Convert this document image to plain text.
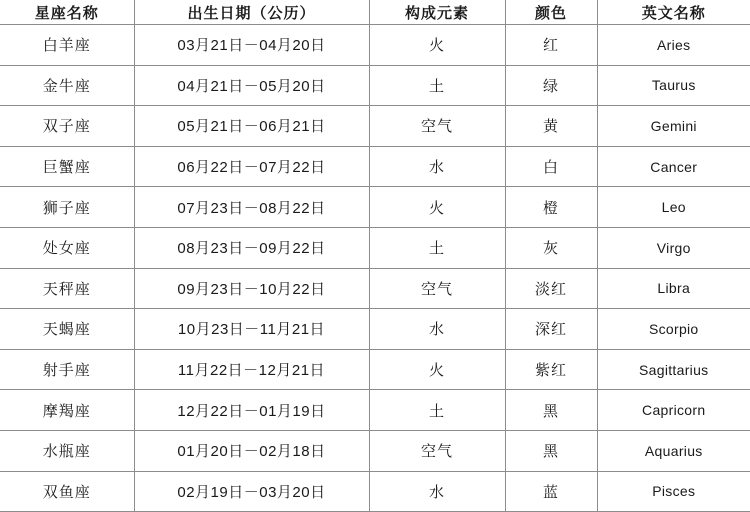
星座名称	出生日期（公历）	构成元素	颜色	英文名称
白羊座	03月21日－04月20日	火	红	Aries
金牛座	04月21日－05月20日	土	绿	Taurus
双子座	05月21日－06月21日	空气	黄	Gemini
巨蟹座	06月22日－07月22日	水	白	Cancer
狮子座	07月23日－08月22日	火	橙	Leo
处女座	08月23日－09月22日	土	灰	Virgo
天秤座	09月23日－10月22日	空气	淡红	Libra
天蝎座	10月23日－11月21日	水	深红	Scorpio
射手座	11月22日－12月21日	火	紫红	Sagittarius
摩羯座	12月22日－01月19日	土	黑	Capricorn
水瓶座	01月20日－02月18日	空气	黑	Aquarius
双鱼座	02月19日－03月20日	水	蓝	Pisces
